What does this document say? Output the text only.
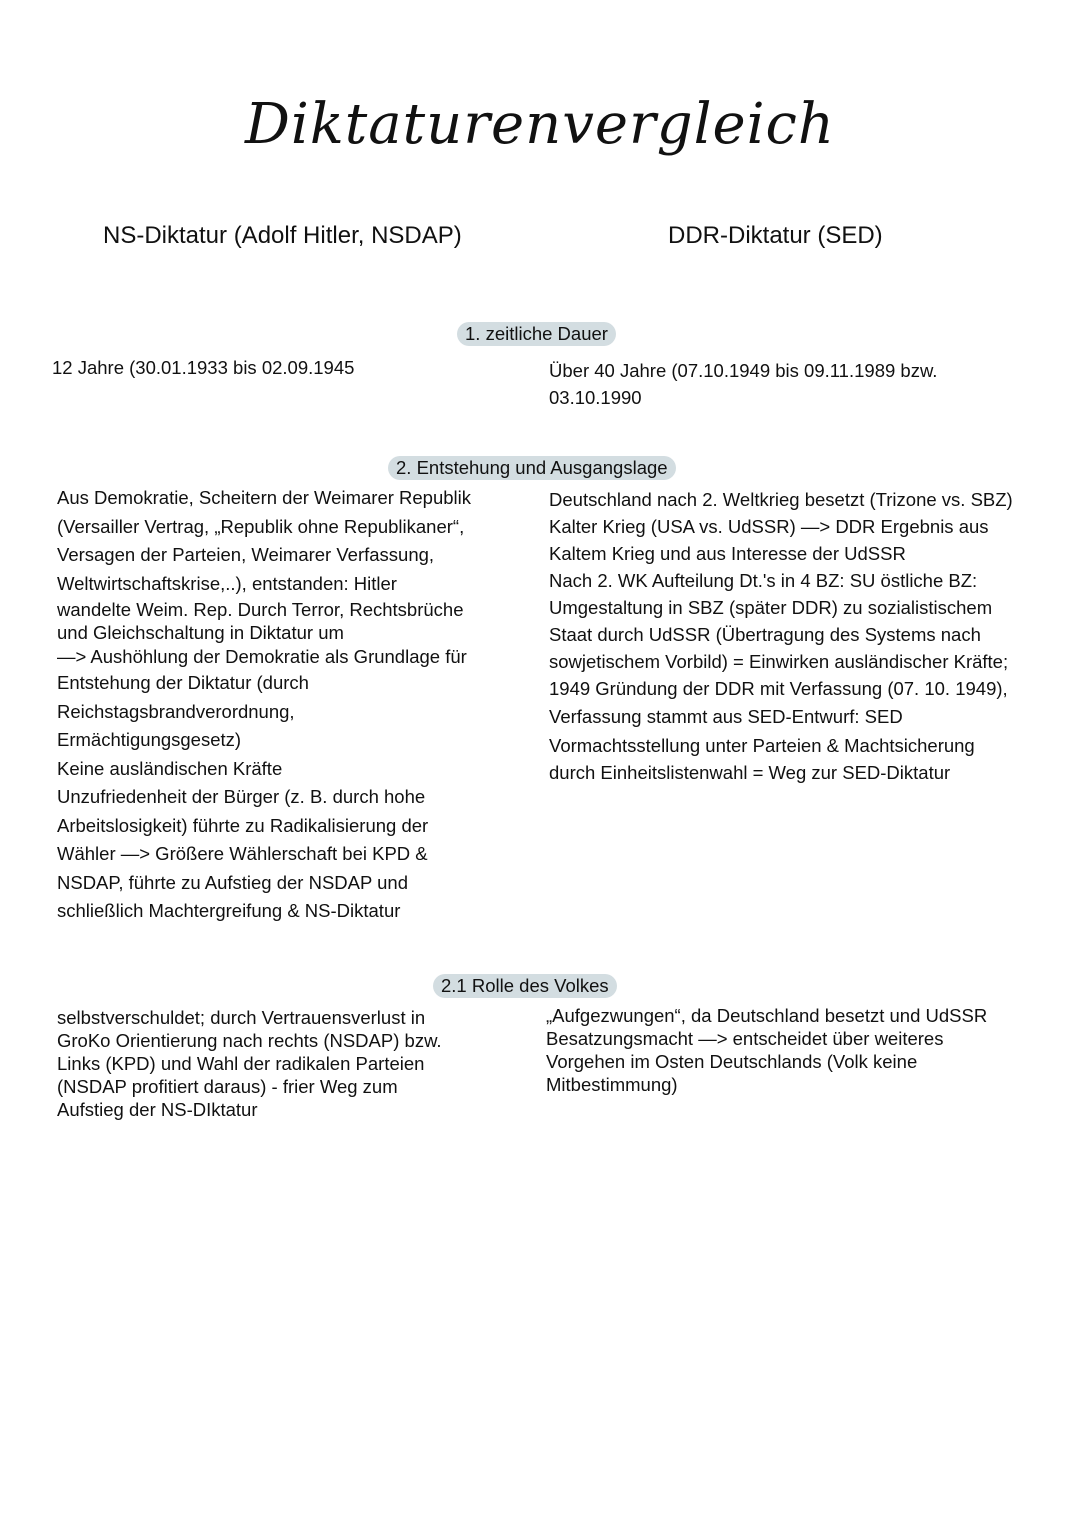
Diktaturenvergleich
NS-Diktatur (Adolf Hitler, NSDAP)	DDR-Diktatur (SED)
1. zeitliche Dauer

12 Jahre (30.01.1933 bis 02.09.1945	Über 40 Jahre (07.10.1949 bis 09.11.1989 bzw.

03.10.1990

2. Entstehung und Ausgangslage

Aus Demokratie, Scheitern der Weimarer Republik

(Versailler Vertrag, „Republik ohne Republikaner“,

Versagen der Parteien, Weimarer Verfassung,

Weltwirtschaftskrise,..), entstanden: Hitler

wandelte Weim. Rep. Durch Terror, Rechtsbrüche

und Gleichschaltung in Diktatur um

—> Aushöhlung der Demokratie als Grundlage für

Entstehung der Diktatur (durch

Reichstagsbrandverordnung,

Ermächtigungsgesetz)

Keine ausländischen Kräfte

Unzufriedenheit der Bürger (z. B. durch hohe

Arbeitslosigkeit) führte zu Radikalisierung der

Wähler —> Größere Wählerschaft bei KPD &

NSDAP, führte zu Aufstieg der NSDAP und

schließlich Machtergreifung & NS-Diktatur

Deutschland nach 2. Weltkrieg besetzt (Trizone vs. SBZ)

Kalter Krieg (USA vs. UdSSR) —> DDR Ergebnis aus

Kaltem Krieg und aus Interesse der UdSSR

Nach 2. WK Aufteilung Dt.'s in 4 BZ: SU östliche BZ:

Umgestaltung in SBZ (später DDR) zu sozialistischem

Staat durch UdSSR (Übertragung des Systems nach

sowjetischem Vorbild) = Einwirken ausländischer Kräfte;

1949 Gründung der DDR mit Verfassung (07. 10. 1949),

Verfassung stammt aus SED-Entwurf: SED

Vormachtsstellung unter Parteien & Machtsicherung

durch Einheitslistenwahl = Weg zur SED-Diktatur

2.1 Rolle des Volkes

selbstverschuldet; durch Vertrauensverlust in

GroKo Orientierung nach rechts (NSDAP) bzw.

Links (KPD) und Wahl der radikalen Parteien

(NSDAP profitiert daraus) - frier Weg zum

Aufstieg der NS-DIktatur

„Aufgezwungen“, da Deutschland besetzt und UdSSR

Besatzungsmacht —> entscheidet über weiteres

Vorgehen im Osten Deutschlands (Volk keine

Mitbestimmung)
